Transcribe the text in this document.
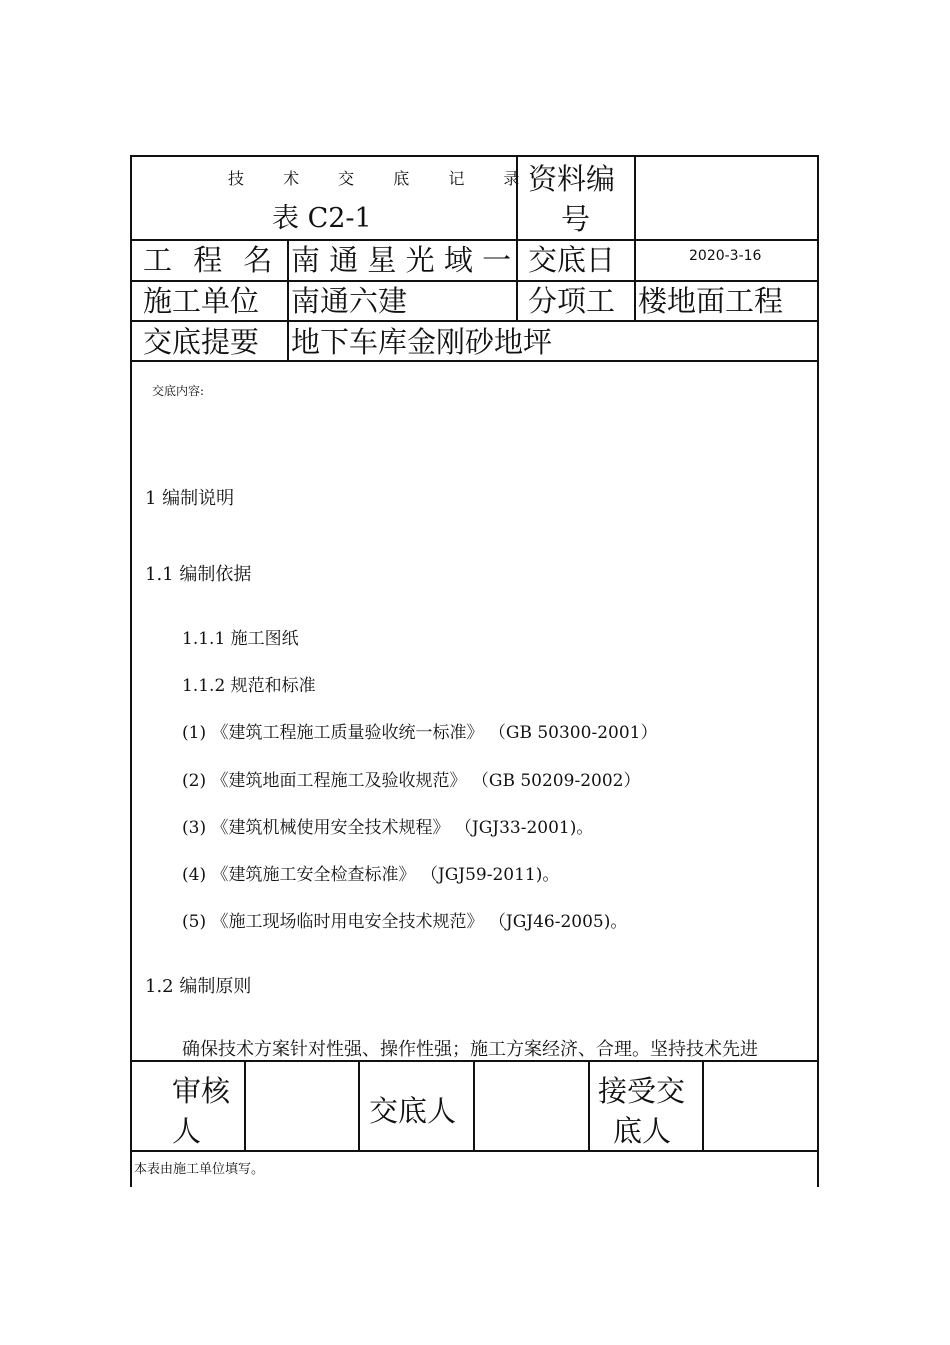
技 术 交 底 记 录
表 C2-1
资料编
号
工 程 名 南 通 星 光 域 一 交底日	2020-3-16
施工单位 南通六建	分项工 楼地面工程
交底提要 地下车库金刚砂地坪
交底内容:
1 编制说明
1.1 编制依据
1.1.1 施工图纸
1.1.2 规范和标准
(1) 《建筑工程施工质量验收统一标准》 （GB 50300-2001）
(2) 《建筑地面工程施工及验收规范》 （GB 50209-2002）
(3) 《建筑机械使用安全技术规程》 （JGJ33-2001)。
(4) 《建筑施工安全检查标准》 （JGJ59-2011)。
(5) 《施工现场临时用电安全技术规范》 （JGJ46-2005)。
1.2 编制原则
确保技术方案针对性强、操作性强；施工方案经济、合理。坚持技术先进
审核
人
交底人
接受交
底人
本表由施工单位填写。
